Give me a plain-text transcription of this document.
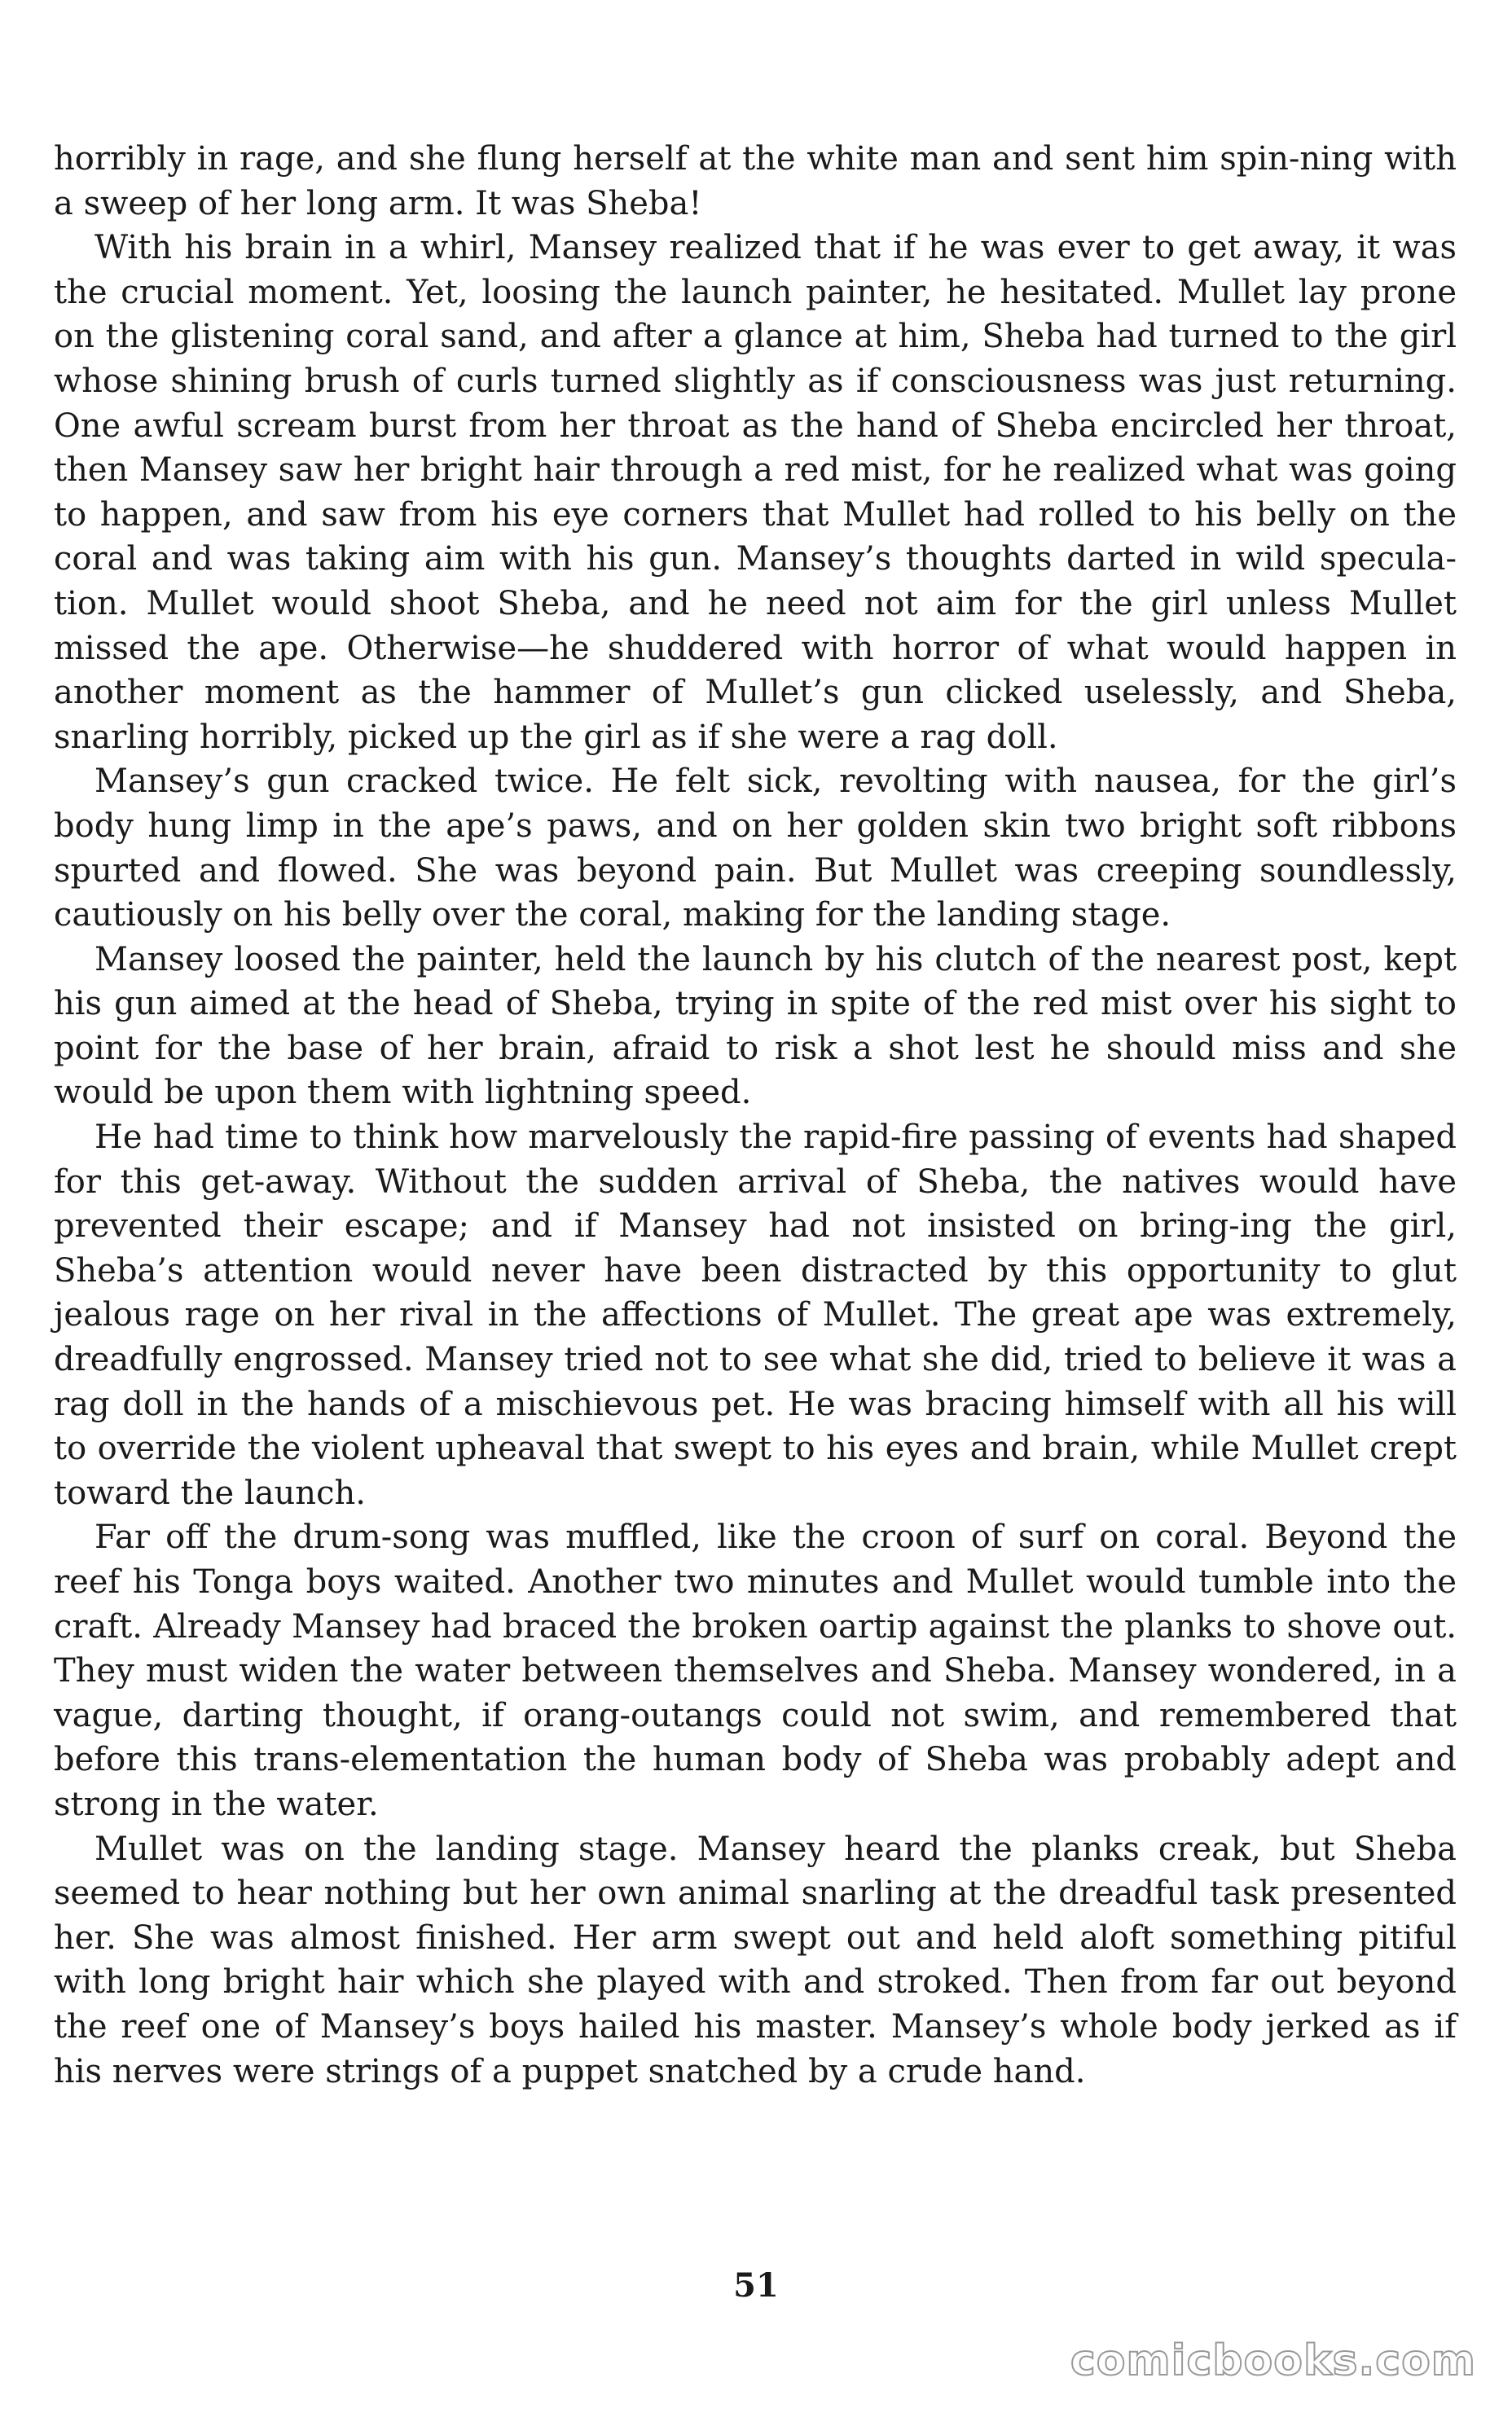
horribly in rage, and she flung herself at the white man and sent him spin-ning with a sweep of her long arm. It was Sheba!

With his brain in a whirl, Mansey realized that if he was ever to get away, it was the crucial moment. Yet, loosing the launch painter, he hesitated. Mullet lay prone on the glistening coral sand, and after a glance at him, Sheba had turned to the girl whose shining brush of curls turned slightly as if consciousness was just returning. One awful scream burst from her throat as the hand of Sheba encircled her throat, then Mansey saw her bright hair through a red mist, for he realized what was going to happen, and saw from his eye corners that Mullet had rolled to his belly on the coral and was taking aim with his gun. Mansey’s thoughts darted in wild specula-tion. Mullet would shoot Sheba, and he need not aim for the girl unless Mullet missed the ape. Otherwise—he shuddered with horror of what would happen in another moment as the hammer of Mullet’s gun clicked uselessly, and Sheba, snarling horribly, picked up the girl as if she were a rag doll.

Mansey’s gun cracked twice. He felt sick, revolting with nausea, for the girl’s body hung limp in the ape’s paws, and on her golden skin two bright soft ribbons spurted and flowed. She was beyond pain. But Mullet was creeping soundlessly, cautiously on his belly over the coral, making for the landing stage.

Mansey loosed the painter, held the launch by his clutch of the nearest post, kept his gun aimed at the head of Sheba, trying in spite of the red mist over his sight to point for the base of her brain, afraid to risk a shot lest he should miss and she would be upon them with lightning speed.

He had time to think how marvelously the rapid-fire passing of events had shaped for this get-away. Without the sudden arrival of Sheba, the natives would have prevented their escape; and if Mansey had not insisted on bring-ing the girl, Sheba’s attention would never have been distracted by this opportunity to glut jealous rage on her rival in the affections of Mullet. The great ape was extremely, dreadfully engrossed. Mansey tried not to see what she did, tried to believe it was a rag doll in the hands of a mischievous pet. He was bracing himself with all his will to override the violent upheaval that swept to his eyes and brain, while Mullet crept toward the launch.

Far off the drum-song was muffled, like the croon of surf on coral. Beyond the reef his Tonga boys waited. Another two minutes and Mullet would tumble into the craft. Already Mansey had braced the broken oartip against the planks to shove out. They must widen the water between themselves and Sheba. Mansey wondered, in a vague, darting thought, if orang-outangs could not swim, and remembered that before this trans-elementation the human body of Sheba was probably adept and strong in the water.

Mullet was on the landing stage. Mansey heard the planks creak, but Sheba seemed to hear nothing but her own animal snarling at the dreadful task presented her. She was almost finished. Her arm swept out and held aloft something pitiful with long bright hair which she played with and stroked. Then from far out beyond the reef one of Mansey’s boys hailed his master. Mansey’s whole body jerked as if his nerves were strings of a puppet snatched by a crude hand.

51
comicbooks.com
